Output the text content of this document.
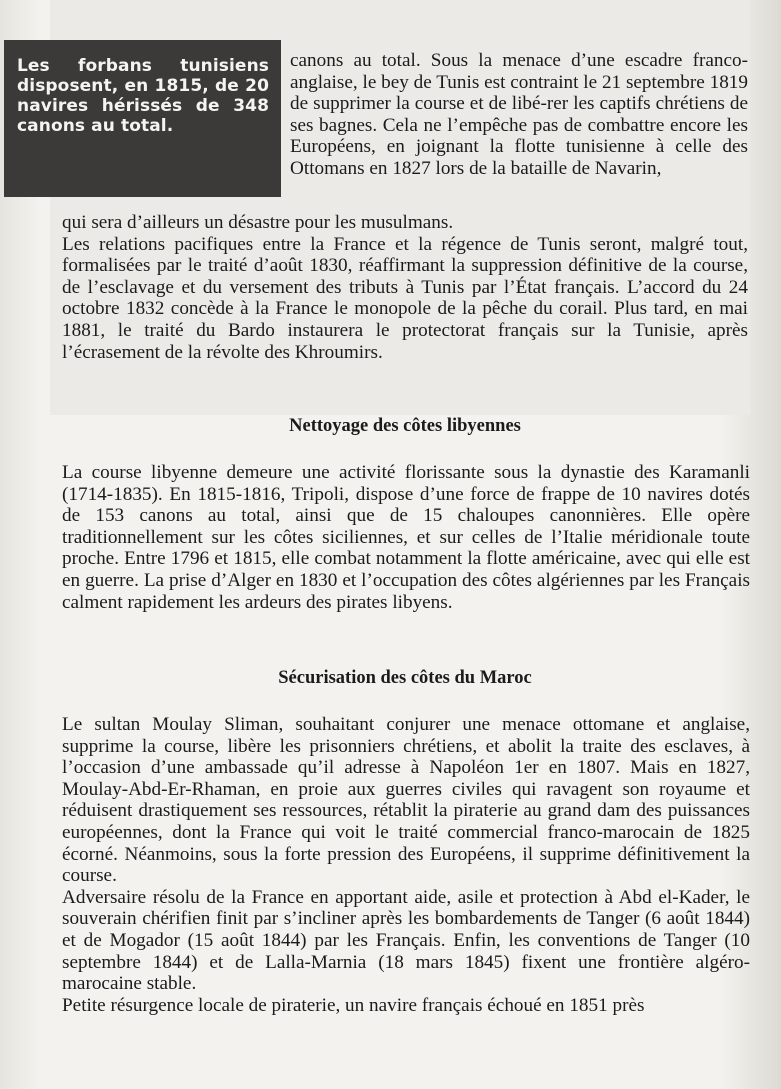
Les forbans tunisiens disposent, en 1815, de 20 navires hérissés de 348 canons au total.

canons au total. Sous la menace d’une escadre franco-anglaise, le bey de Tunis est contraint le 21 septembre 1819 de supprimer la course et de libé-rer les captifs chrétiens de ses bagnes. Cela ne l’empêche pas de combattre encore les Européens, en joignant la flotte tunisienne à celle des Ottomans en 1827 lors de la bataille de Navarin,

qui sera d’ailleurs un désastre pour les musulmans.

Les relations pacifiques entre la France et la régence de Tunis seront, malgré tout, formalisées par le traité d’août 1830, réaffirmant la suppression définitive de la course, de l’esclavage et du versement des tributs à Tunis par l’État français. L’accord du 24 octobre 1832 concède à la France le monopole de la pêche du corail. Plus tard, en mai 1881, le traité du Bardo instaurera le protectorat français sur la Tunisie, après l’écrasement de la révolte des Khroumirs.

Nettoyage des côtes libyennes

La course libyenne demeure une activité florissante sous la dynastie des Karamanli (1714-1835). En 1815-1816, Tripoli, dispose d’une force de frappe de 10 navires dotés de 153 canons au total, ainsi que de 15 chaloupes canonnières. Elle opère traditionnellement sur les côtes siciliennes, et sur celles de l’Italie méridionale toute proche. Entre 1796 et 1815, elle combat notamment la flotte américaine, avec qui elle est en guerre. La prise d’Alger en 1830 et l’occupation des côtes algériennes par les Français calment rapidement les ardeurs des pirates libyens.

Sécurisation des côtes du Maroc

Le sultan Moulay Sliman, souhaitant conjurer une menace ottomane et anglaise, supprime la course, libère les prisonniers chrétiens, et abolit la traite des esclaves, à l’occasion d’une ambassade qu’il adresse à Napoléon 1er en 1807. Mais en 1827, Moulay-Abd-Er-Rhaman, en proie aux guerres civiles qui ravagent son royaume et réduisent drastiquement ses ressources, rétablit la piraterie au grand dam des puissances européennes, dont la France qui voit le traité commercial franco-marocain de 1825 écorné. Néanmoins, sous la forte pression des Européens, il supprime définitivement la course.

Adversaire résolu de la France en apportant aide, asile et protection à Abd el-Kader, le souverain chérifien finit par s’incliner après les bombardements de Tanger (6 août 1844) et de Mogador (15 août 1844) par les Français. Enfin, les conventions de Tanger (10 septembre 1844) et de Lalla-Marnia (18 mars 1845) fixent une frontière algéro-marocaine stable.

Petite résurgence locale de piraterie, un navire français échoué en 1851 près
